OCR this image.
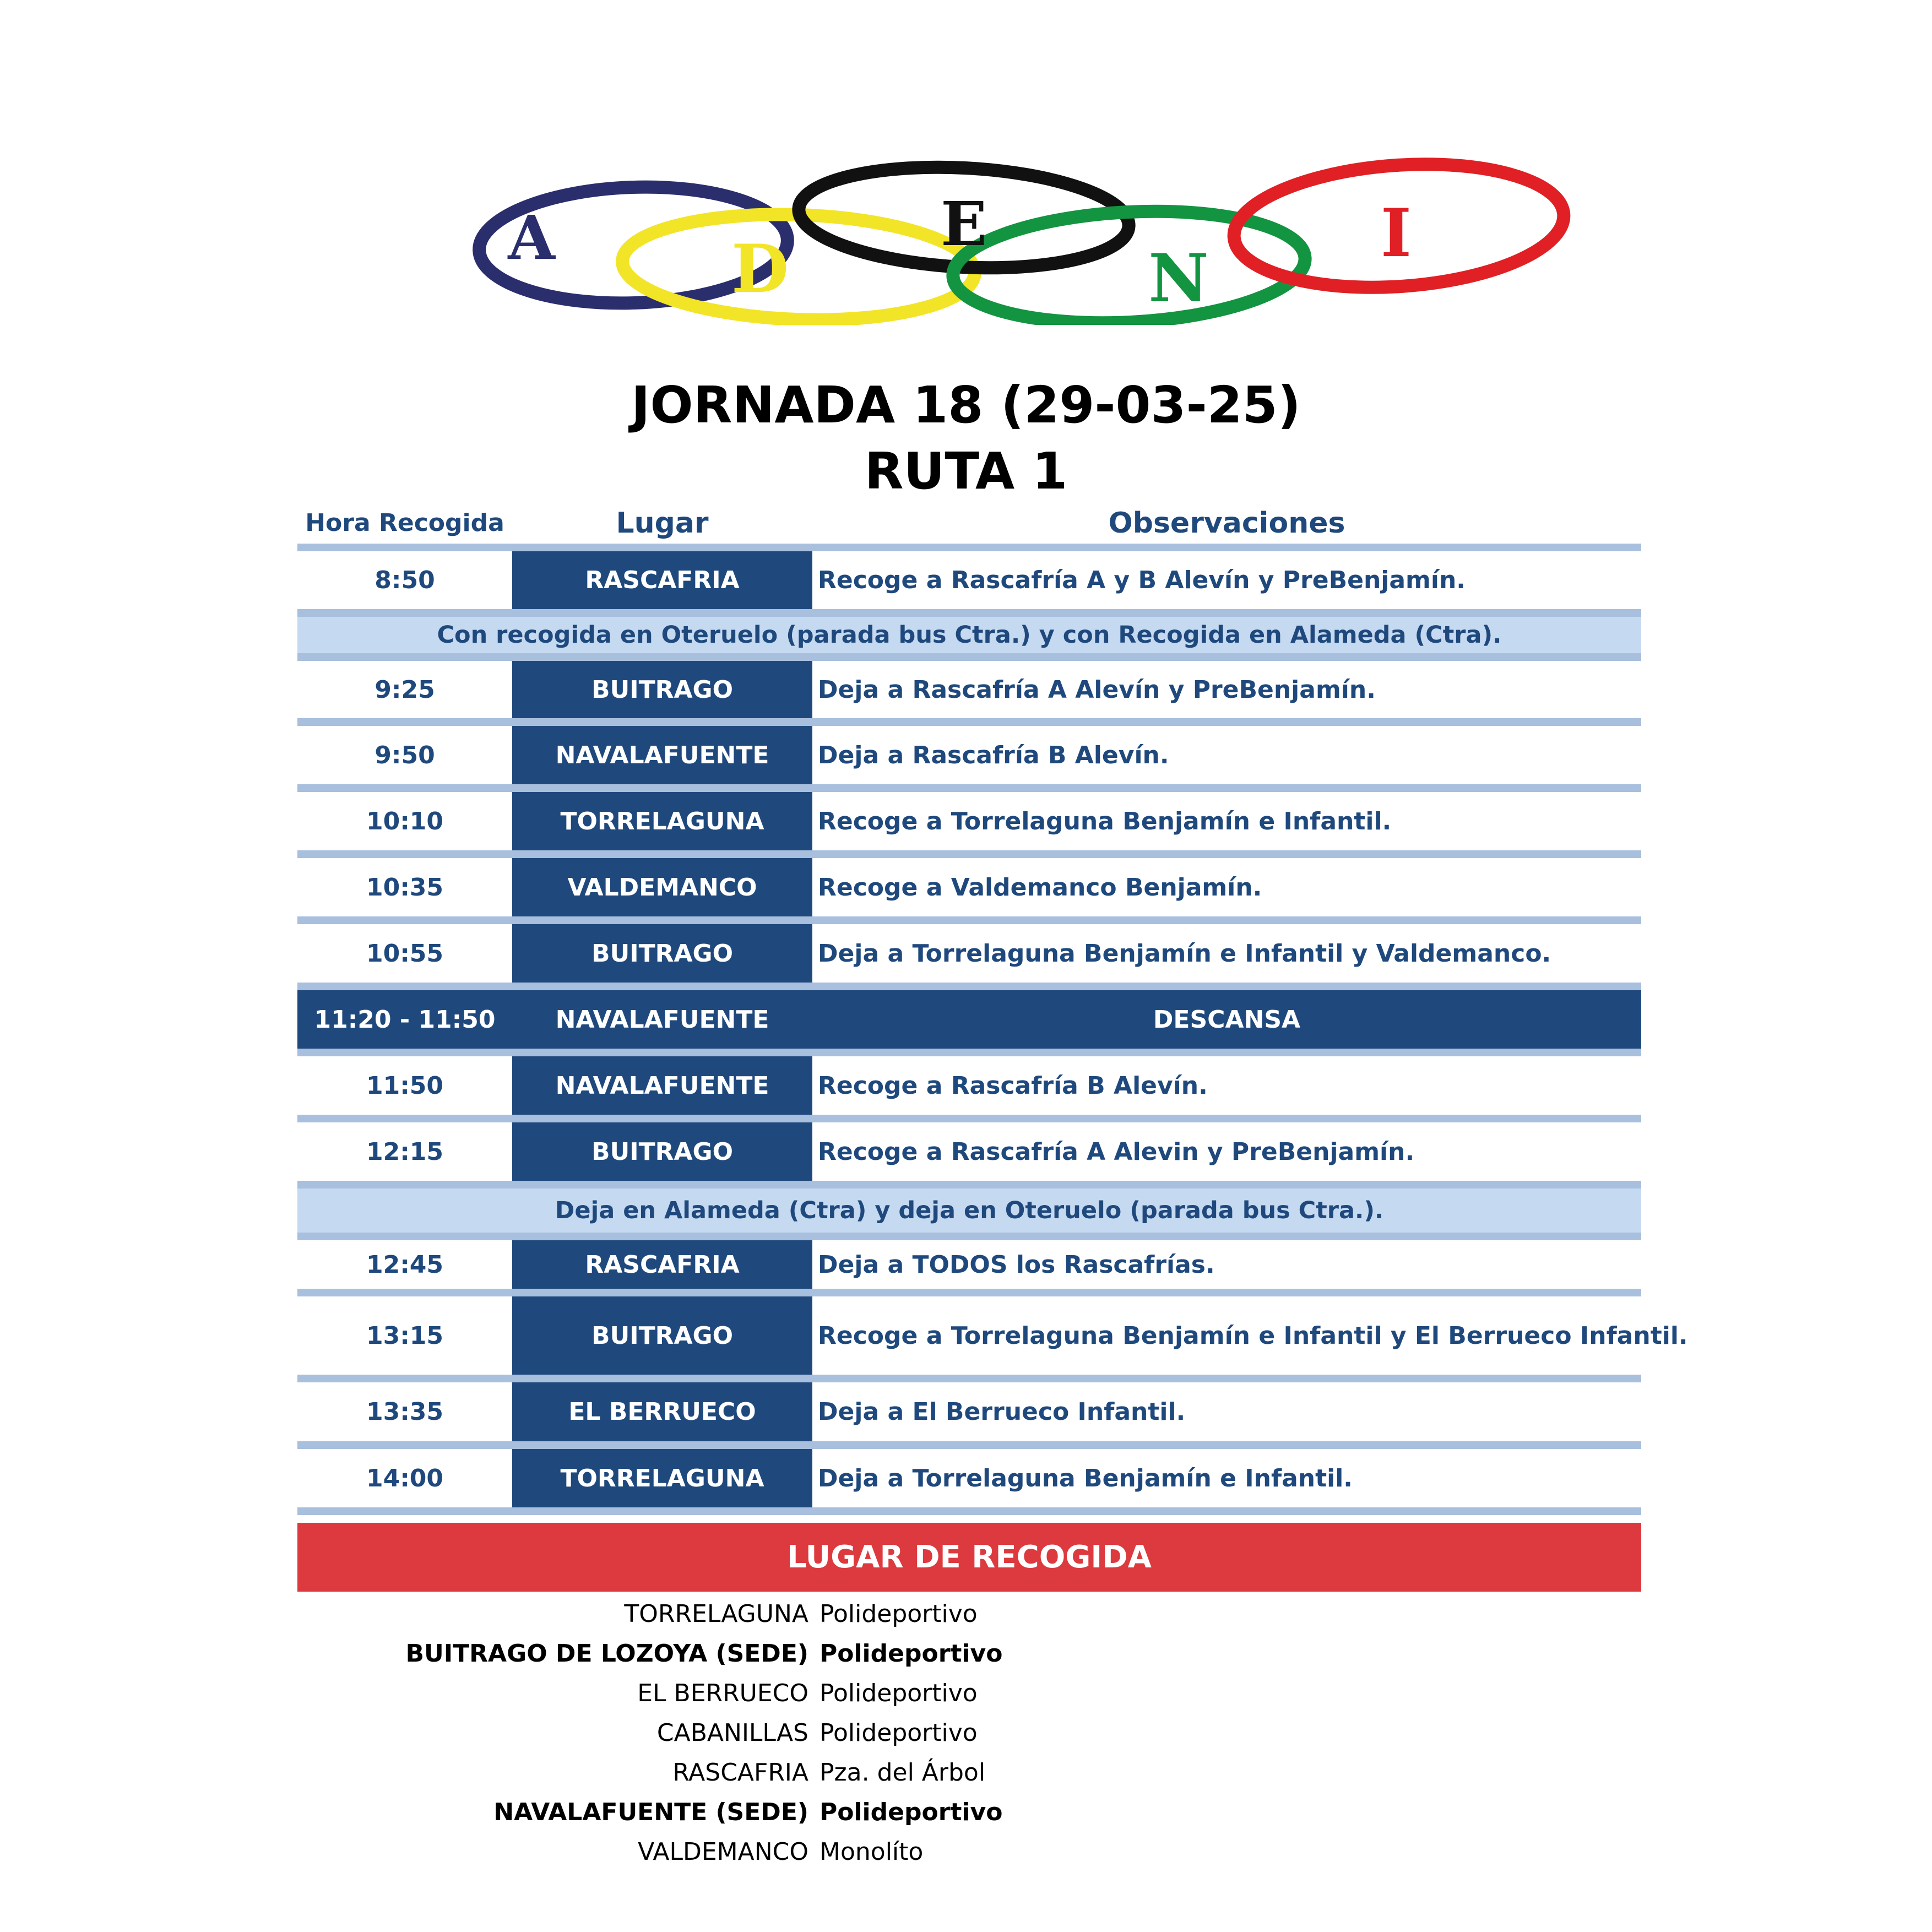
A	D
E
N
I
JORNADA 18 (29-03-25)
RUTA 1
Hora Recogida	Lugar	Observaciones
8:50	RASCAFRIA	Recoge a Rascafría A y B Alevín y PreBenjamín.
Con recogida en Oteruelo (parada bus Ctra.) y con Recogida en Alameda (Ctra).
9:25	BUITRAGO	Deja a Rascafría A Alevín y PreBenjamín.
9:50	NAVALAFUENTE	Deja a Rascafría B Alevín.
10:10	TORRELAGUNA	Recoge a Torrelaguna Benjamín e Infantil.
10:35	VALDEMANCO	Recoge a Valdemanco Benjamín.
10:55	BUITRAGO	Deja a Torrelaguna Benjamín e Infantil y Valdemanco.
11:20 - 11:50	NAVALAFUENTE	DESCANSA
11:50	NAVALAFUENTE	Recoge a Rascafría B Alevín.
12:15	BUITRAGO	Recoge a Rascafría A Alevin y PreBenjamín.
Deja en Alameda (Ctra) y deja en Oteruelo (parada bus Ctra.).
12:45	RASCAFRIA	Deja a TODOS los Rascafrías.
13:15	BUITRAGO	Recoge a Torrelaguna Benjamín e Infantil y El Berrueco Infantil.
13:35	EL BERRUECO	Deja a El Berrueco Infantil.
14:00	TORRELAGUNA	Deja a Torrelaguna Benjamín e Infantil.
LUGAR DE RECOGIDA
TORRELAGUNA Polideportivo
BUITRAGO DE LOZOYA (SEDE) Polideportivo
EL BERRUECO Polideportivo
CABANILLAS Polideportivo
RASCAFRIA Pza. del Árbol
NAVALAFUENTE (SEDE) Polideportivo
VALDEMANCO Monolíto
